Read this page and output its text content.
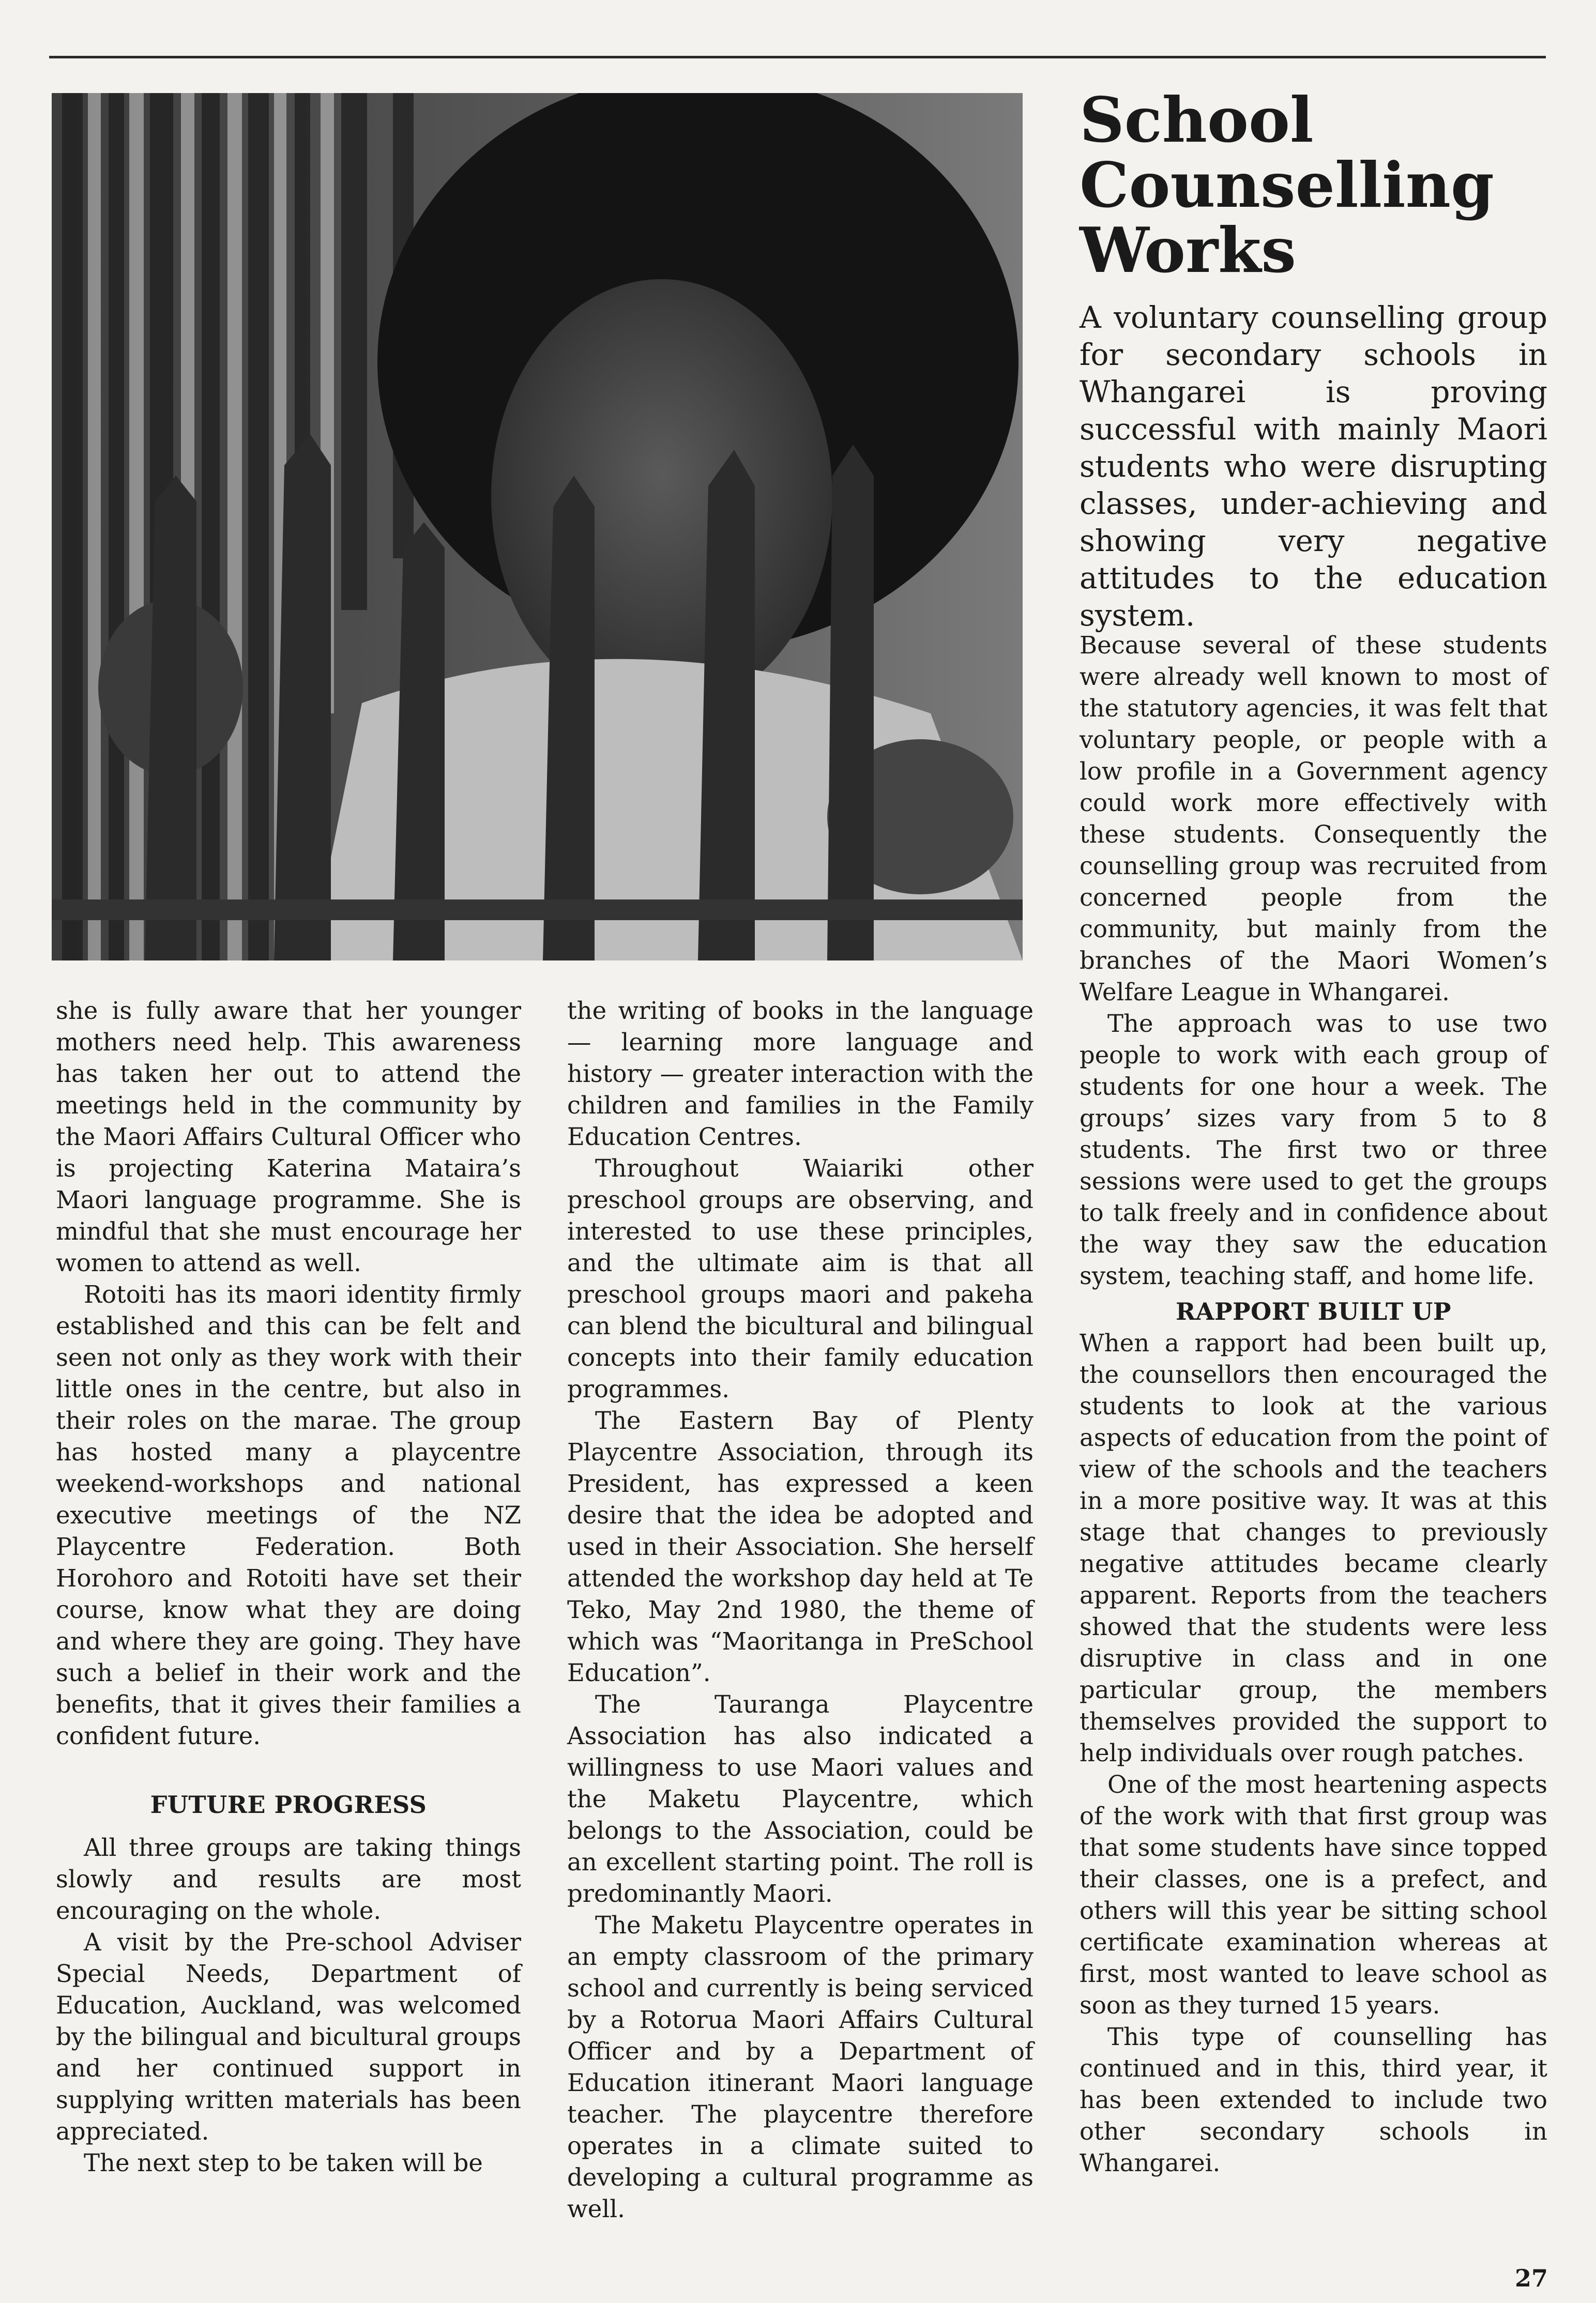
School
Counselling
Works

A voluntary counselling group for secondary schools in Whangarei is proving successful with mainly Maori students who were disrupting classes, under-achieving and showing very negative attitudes to the education system.

she is fully aware that her younger mothers need help. This awareness has taken her out to attend the meetings held in the community by the Maori Affairs Cultural Officer who is projecting Katerina Mataira’s Maori language programme. She is mindful that she must encourage her women to attend as well.

Rotoiti has its maori identity firmly established and this can be felt and seen not only as they work with their little ones in the centre, but also in their roles on the marae. The group has hosted many a playcentre weekend-workshops and national executive meetings of the NZ Playcentre Federation. Both Horohoro and Rotoiti have set their course, know what they are doing and where they are going. They have such a belief in their work and the benefits, that it gives their families a confident future.

FUTURE PROGRESS

All three groups are taking things slowly and results are most encouraging on the whole.

A visit by the Pre-school Adviser Special Needs, Department of Education, Auckland, was welcomed by the bilingual and bicultural groups and her continued support in supplying written materials has been appreciated.

The next step to be taken will be

the writing of books in the language — learning more language and history — greater interaction with the children and families in the Family Education Centres.

Throughout Waiariki other preschool groups are observing, and interested to use these principles, and the ultimate aim is that all preschool groups maori and pakeha can blend the bicultural and bilingual concepts into their family education programmes.

The Eastern Bay of Plenty Playcentre Association, through its President, has expressed a keen desire that the idea be adopted and used in their Association. She herself attended the workshop day held at Te Teko, May 2nd 1980, the theme of which was “Maoritanga in PreSchool Education”.

The Tauranga Playcentre Association has also indicated a willingness to use Maori values and the Maketu Playcentre, which belongs to the Association, could be an excellent starting point. The roll is predominantly Maori.

The Maketu Playcentre operates in an empty classroom of the primary school and currently is being serviced by a Rotorua Maori Affairs Cultural Officer and by a Department of Education itinerant Maori language teacher. The playcentre therefore operates in a climate suited to developing a cultural programme as well.

Because several of these students were already well known to most of the statutory agencies, it was felt that voluntary people, or people with a low profile in a Government agency could work more effectively with these students. Consequently the counselling group was recruited from concerned people from the community, but mainly from the branches of the Maori Women’s Welfare League in Whangarei.

The approach was to use two people to work with each group of students for one hour a week. The groups’ sizes vary from 5 to 8 students. The first two or three sessions were used to get the groups to talk freely and in confidence about the way they saw the education system, teaching staff, and home life.

RAPPORT BUILT UP

When a rapport had been built up, the counsellors then encouraged the students to look at the various aspects of education from the point of view of the schools and the teachers in a more positive way. It was at this stage that changes to previously negative attitudes became clearly apparent. Reports from the teachers showed that the students were less disruptive in class and in one particular group, the members themselves provided the support to help individuals over rough patches.

One of the most heartening aspects of the work with that first group was that some students have since topped their classes, one is a prefect, and others will this year be sitting school certificate examination whereas at first, most wanted to leave school as soon as they turned 15 years.

This type of counselling has continued and in this, third year, it has been extended to include two other secondary schools in Whangarei.

27
